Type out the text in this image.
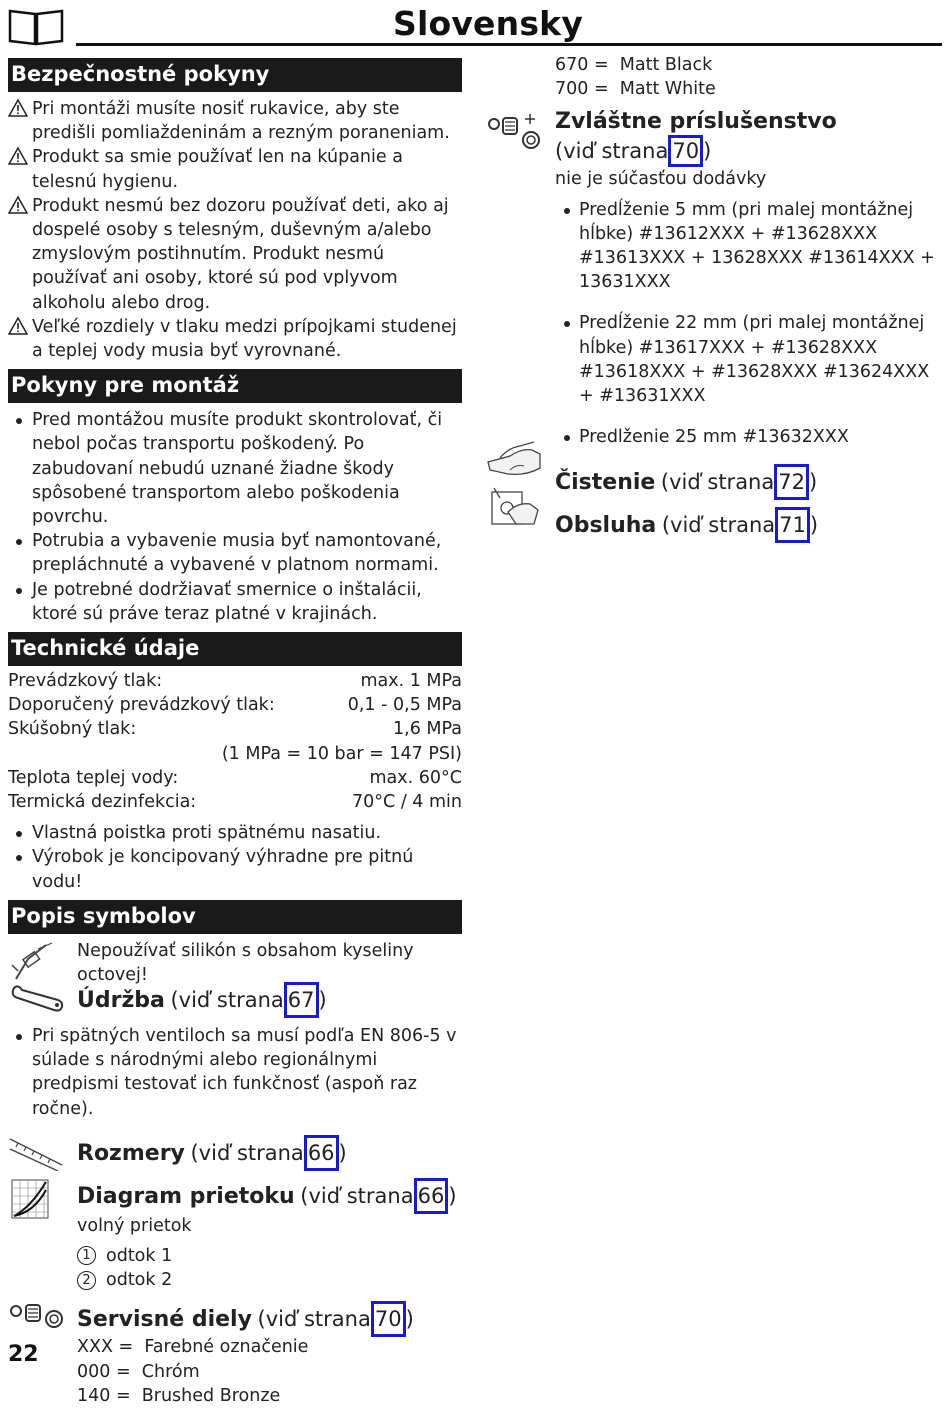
Slovensky
Bezpečnostné pokyny
Pri montáži musíte nosiť rukavice, aby ste predišli pomliaždeninám a rezným poraneniam.
Produkt sa smie používať len na kúpanie a telesnú hygienu.
Produkt nesmú bez dozoru používať deti, ako aj dospelé osoby s telesným, duševným a/alebo zmyslovým postihnutím. Produkt nesmú používať ani osoby, ktoré sú pod vplyvom alkoholu alebo drog.
Veľké rozdiely v tlaku medzi prípojkami studenej a teplej vody musia byť vyrovnané.
Pokyny pre montáž
Pred montážou musíte produkt skontrolovať, či nebol počas transportu poškodený. Po zabudovaní nebudú uznané žiadne škody spôsobené transportom alebo poškodenia povrchu.
Potrubia a vybavenie musia byť namontované, prepláchnuté a vybavené v platnom normami.
Je potrebné dodržiavať smernice o inštalácii, ktoré sú práve teraz platné v krajinách.
Technické údaje
Prevádzkový tlak:	max. 1 MPa
Doporučený prevádzkový tlak:	0,1 - 0,5 MPa
Skúšobný tlak:	1,6 MPa
(1 MPa = 10 bar = 147 PSI)
Teplota teplej vody:	max. 60°C
Termická dezinfekcia:	70°C / 4 min
Vlastná poistka proti spätnému nasatiu.
Výrobok je koncipovaný výhradne pre pitnú vodu!
Popis symbolov
Nepoužívať silikón s obsahom kyseliny octovej!
Údržba (viď strana 67 )
Pri spätných ventiloch sa musí podľa EN 806-5 v súlade s národnými alebo regionálnymi predpismi testovať ich funkčnosť (aspoň raz ročne).
Rozmery (viď strana 66 )
Diagram prietoku (viď strana 66 )
volný prietok
1 odtok 1
2 odtok 2
Servisné diely (viď strana 70 )
XXX =  Farebné označenie
000 =  Chróm
140 =  Brushed Bronze
670 =  Matt Black
700 =  Matt White
Zvláštne príslušenstvo
(viď strana 70 )
nie je súčasťou dodávky
Predĺženie 5 mm (pri malej montážnej hĺbke) #13612XXX + #13628XXX #13613XXX + 13628XXX #13614XXX + 13631XXX
Predĺženie 22 mm (pri malej montážnej hĺbke) #13617XXX + #13628XXX #13618XXX + #13628XXX #13624XXX + #13631XXX
Predlženie 25 mm #13632XXX
Čistenie (viď strana 72 )
Obsluha (viď strana 71 )
22
